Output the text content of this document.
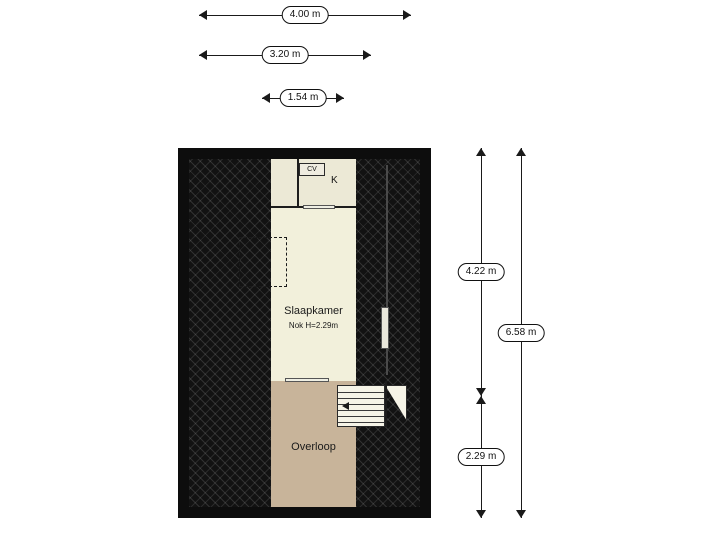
4.00 m
3.20 m
1.54 m
4.22 m
2.29 m
6.58 m
Slaapkamer
Nok H=2.29m
CV
K
Overloop
